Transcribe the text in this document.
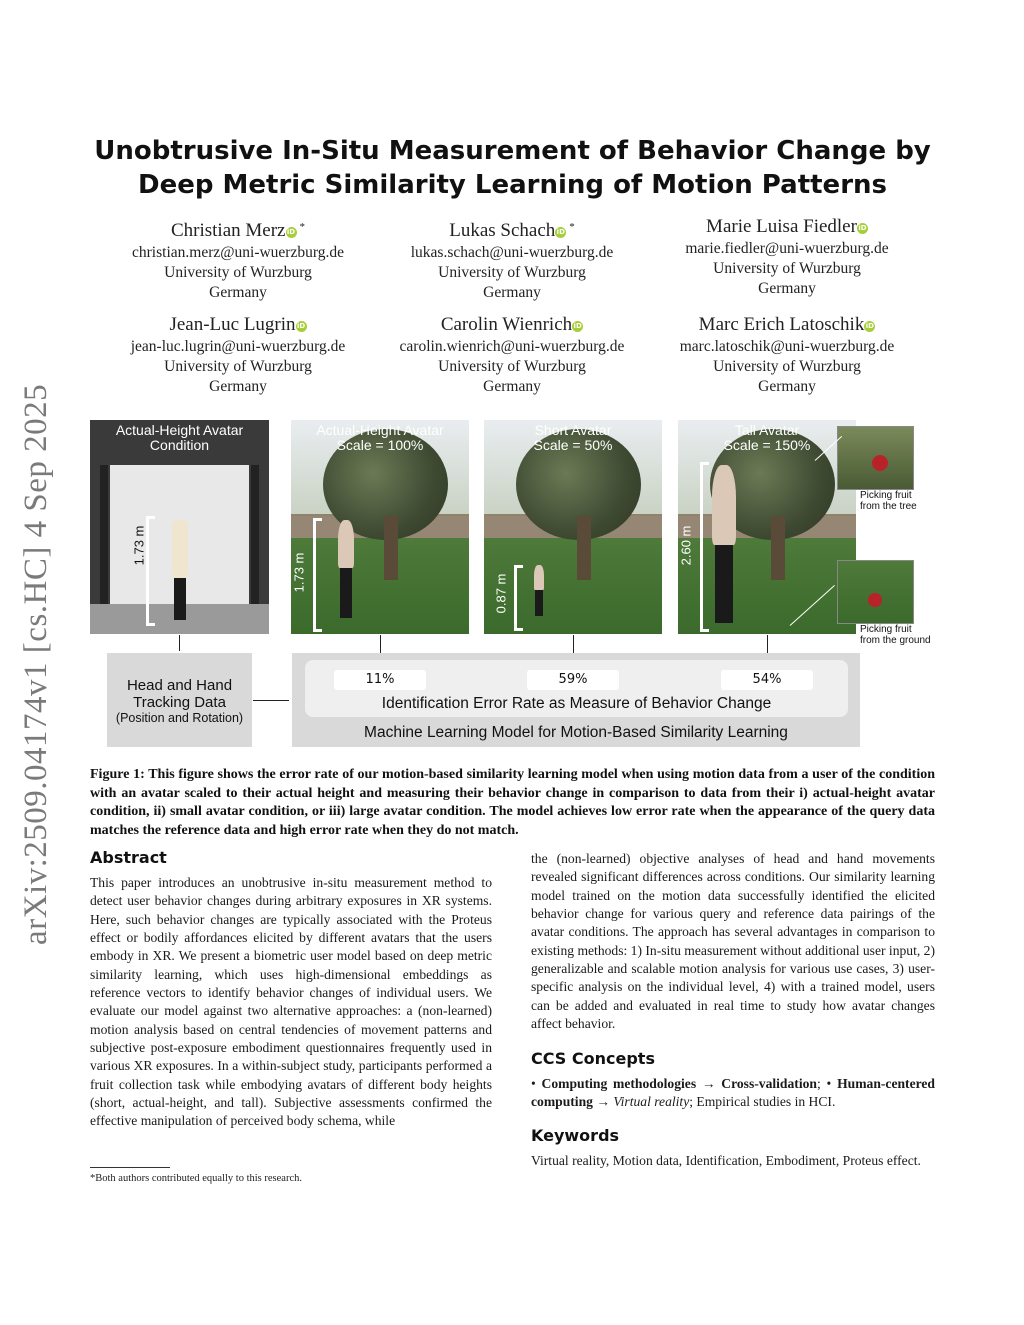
arXiv:2509.04174v1 [cs.HC] 4 Sep 2025
Unobtrusive In-Situ Measurement of Behavior Change by Deep Metric Similarity Learning of Motion Patterns
Christian MerziD *
christian.merz@uni-wuerzburg.de
University of Wurzburg
Germany
Lukas SchachiD *
lukas.schach@uni-wuerzburg.de
University of Wurzburg
Germany
Marie Luisa FiedleriD
marie.fiedler@uni-wuerzburg.de
University of Wurzburg
Germany
Jean-Luc LugriniD
jean-luc.lugrin@uni-wuerzburg.de
University of Wurzburg
Germany
Carolin WienrichiD
carolin.wienrich@uni-wuerzburg.de
University of Wurzburg
Germany
Marc Erich LatoschikiD
marc.latoschik@uni-wuerzburg.de
University of Wurzburg
Germany
1.73 m
Actual-Height Avatar
Condition
1.73 m
Actual-Height Avatar
Scale = 100%
0.87 m
Short Avatar
Scale = 50%
2.60 m
Tall Avatar
Scale = 150%
Picking fruit
from the tree
Picking fruit
from the ground
Head and Hand
Tracking Data
(Position and Rotation)
11%	59%	54%
Identification Error Rate as Measure of Behavior Change
Machine Learning Model for Motion-Based Similarity Learning
Figure 1: This figure shows the error rate of our motion-based similarity learning model when using motion data from a user of the condition with an avatar scaled to their actual height and measuring their behavior change in comparison to data from their i) actual-height avatar condition, ii) small avatar condition, or iii) large avatar condition. The model achieves low error rate when the appearance of the query data matches the reference data and high error rate when they do not match.
Abstract
This paper introduces an unobtrusive in-situ measurement method to detect user behavior changes during arbitrary exposures in XR systems. Here, such behavior changes are typically associated with the Proteus effect or bodily affordances elicited by different avatars that the users embody in XR. We present a biometric user model based on deep metric similarity learning, which uses high-dimensional embeddings as reference vectors to identify behavior changes of individual users. We evaluate our model against two alternative approaches: a (non-learned) motion analysis based on central tendencies of movement patterns and subjective post-exposure embodiment questionnaires frequently used in various XR exposures. In a within-subject study, participants performed a fruit collection task while embodying avatars of different body heights (short, actual-height, and tall). Subjective assessments confirmed the effective manipulation of perceived body schema, while
the (non-learned) objective analyses of head and hand movements revealed significant differences across conditions. Our similarity learning model trained on the motion data successfully identified the elicited behavior change for various query and reference data pairings of the avatar conditions. The approach has several advantages in comparison to existing methods: 1) In-situ measurement without additional user input, 2) generalizable and scalable motion analysis for various use cases, 3) user-specific analysis on the individual level, 4) with a trained model, users can be added and evaluated in real time to study how avatar changes affect behavior.
CCS Concepts
• Computing methodologies → Cross-validation; • Human-centered computing → Virtual reality; Empirical studies in HCI.
Keywords
Virtual reality, Motion data, Identification, Embodiment, Proteus effect.
*Both authors contributed equally to this research.
